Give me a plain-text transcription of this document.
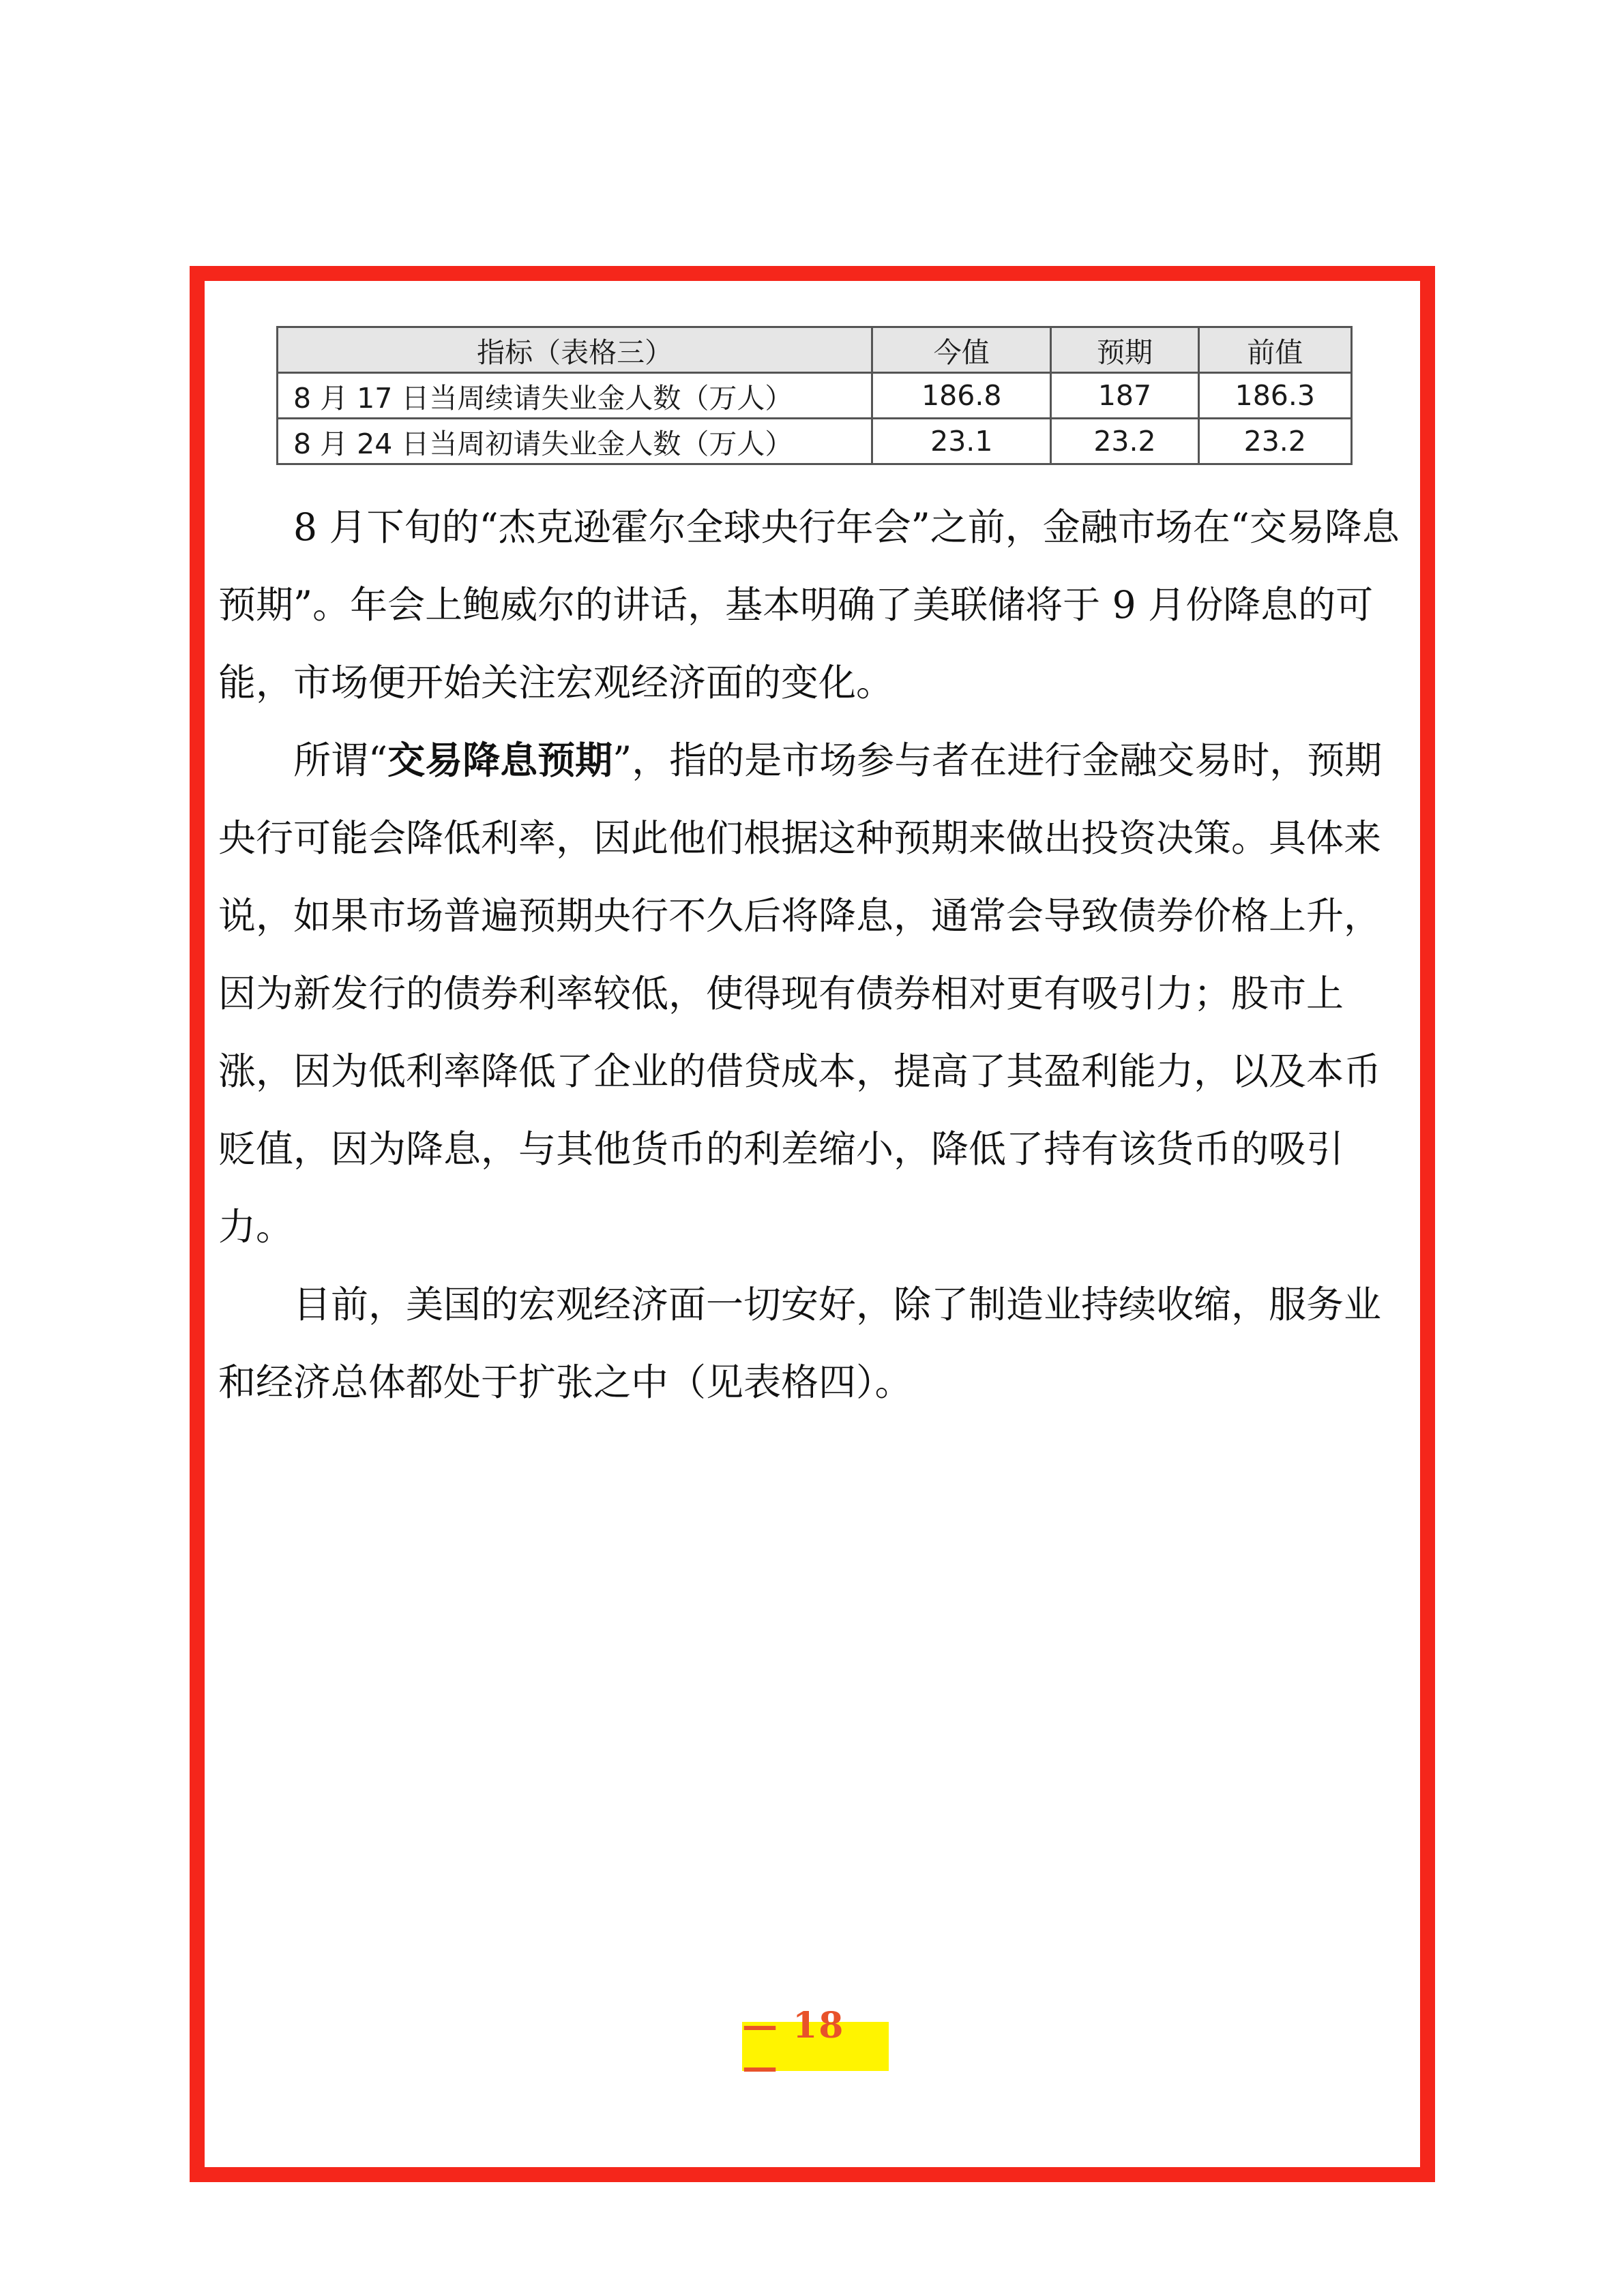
指标（表格三）	今值	预期	前值
8 月 17 日当周续请失业金人数（万人）	186.8	187	186.3
8 月 24 日当周初请失业金人数（万人）	23.1	23.2	23.2

8 月下旬的“杰克逊霍尔全球央行年会”之前，金融市场在“交易降息预期”。年会上鲍威尔的讲话，基本明确了美联储将于 9 月份降息的可能，市场便开始关注宏观经济面的变化。

所谓“交易降息预期”，指的是市场参与者在进行金融交易时，预期央行可能会降低利率，因此他们根据这种预期来做出投资决策。具体来说，如果市场普遍预期央行不久后将降息，通常会导致债券价格上升，因为新发行的债券利率较低，使得现有债券相对更有吸引力；股市上涨，因为低利率降低了企业的借贷成本，提高了其盈利能力，以及本币贬值，因为降息，与其他货币的利差缩小，降低了持有该货币的吸引力。

目前，美国的宏观经济面一切安好，除了制造业持续收缩，服务业和经济总体都处于扩张之中（见表格四）。

— 18 —
